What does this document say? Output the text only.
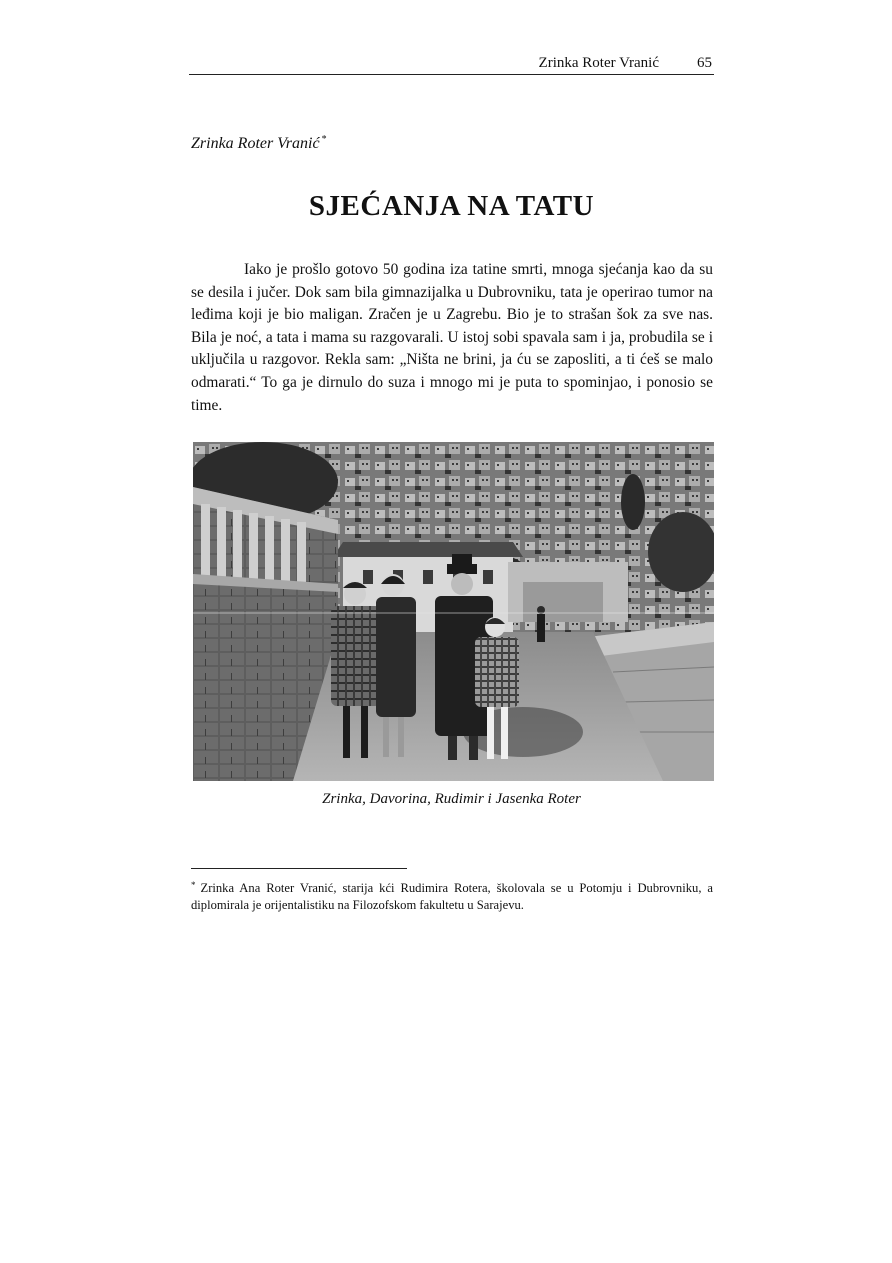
Zrinka Roter Vranić	65
Zrinka Roter Vranić *
SJEĆANJA NA TATU

Iako je prošlo gotovo 50 godina iza tatine smrti, mnoga sjećanja kao da su se desila i jučer. Dok sam bila gimnazijalka u Dubrovniku, tata je operirao tumor na leđima koji je bio maligan. Zračen je u Zagrebu. Bio je to strašan šok za sve nas. Bila je noć, a tata i mama su razgovarali. U istoj sobi spavala sam i ja, probudila se i uključila u razgovor. Rekla sam: „Ništa ne brini, ja ću se zaposliti, a ti ćeš se malo odmarati.“ To ga je dirnulo do suza i mnogo mi je puta to spominjao, i ponosio se time.

Zrinka, Davorina, Rudimir i Jasenka Roter

* Zrinka Ana Roter Vranić, starija kći Rudimira Rotera, školovala se u Potomju i Dubrovniku, a diplomirala je orijentalistiku na Filozofskom fakultetu u Sarajevu.
